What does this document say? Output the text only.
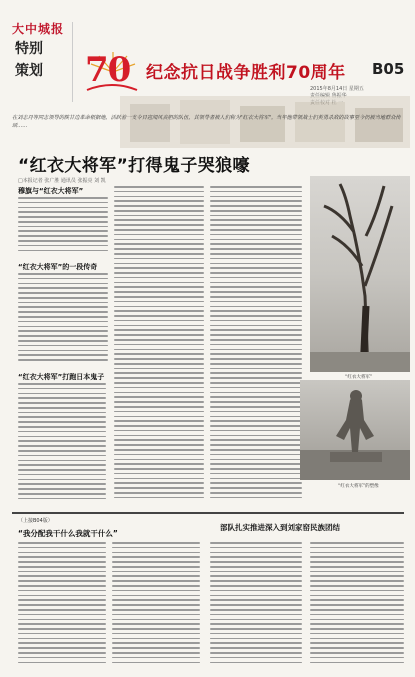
大中城报
特别
策划	70 纪念抗日战争胜利70周年 B05
2015年8月14日 星期五
在刘志丹等同志领导的陕甘边革命根据地，活跃着一支令日寇闻风丧胆的队伍，其领导者被人们称为"红衣大将军"。当年他带领战士们英勇杀敌的故事至今仍被当地群众传颂……
“红衣大将军”打得鬼子哭狼嚎
□本报记者 张广胜 通讯员 张振亮 刘 凯
穆旗与“红衣大将军”
“红衣大将军”的一段传奇
“红衣大将军”打跑日本鬼子	“红衣大将军”
“红衣大将军”的塑像
（上接B04版）
“我分配我干什么我就干什么”
部队扎实推进深入到刘家窑民族团结
